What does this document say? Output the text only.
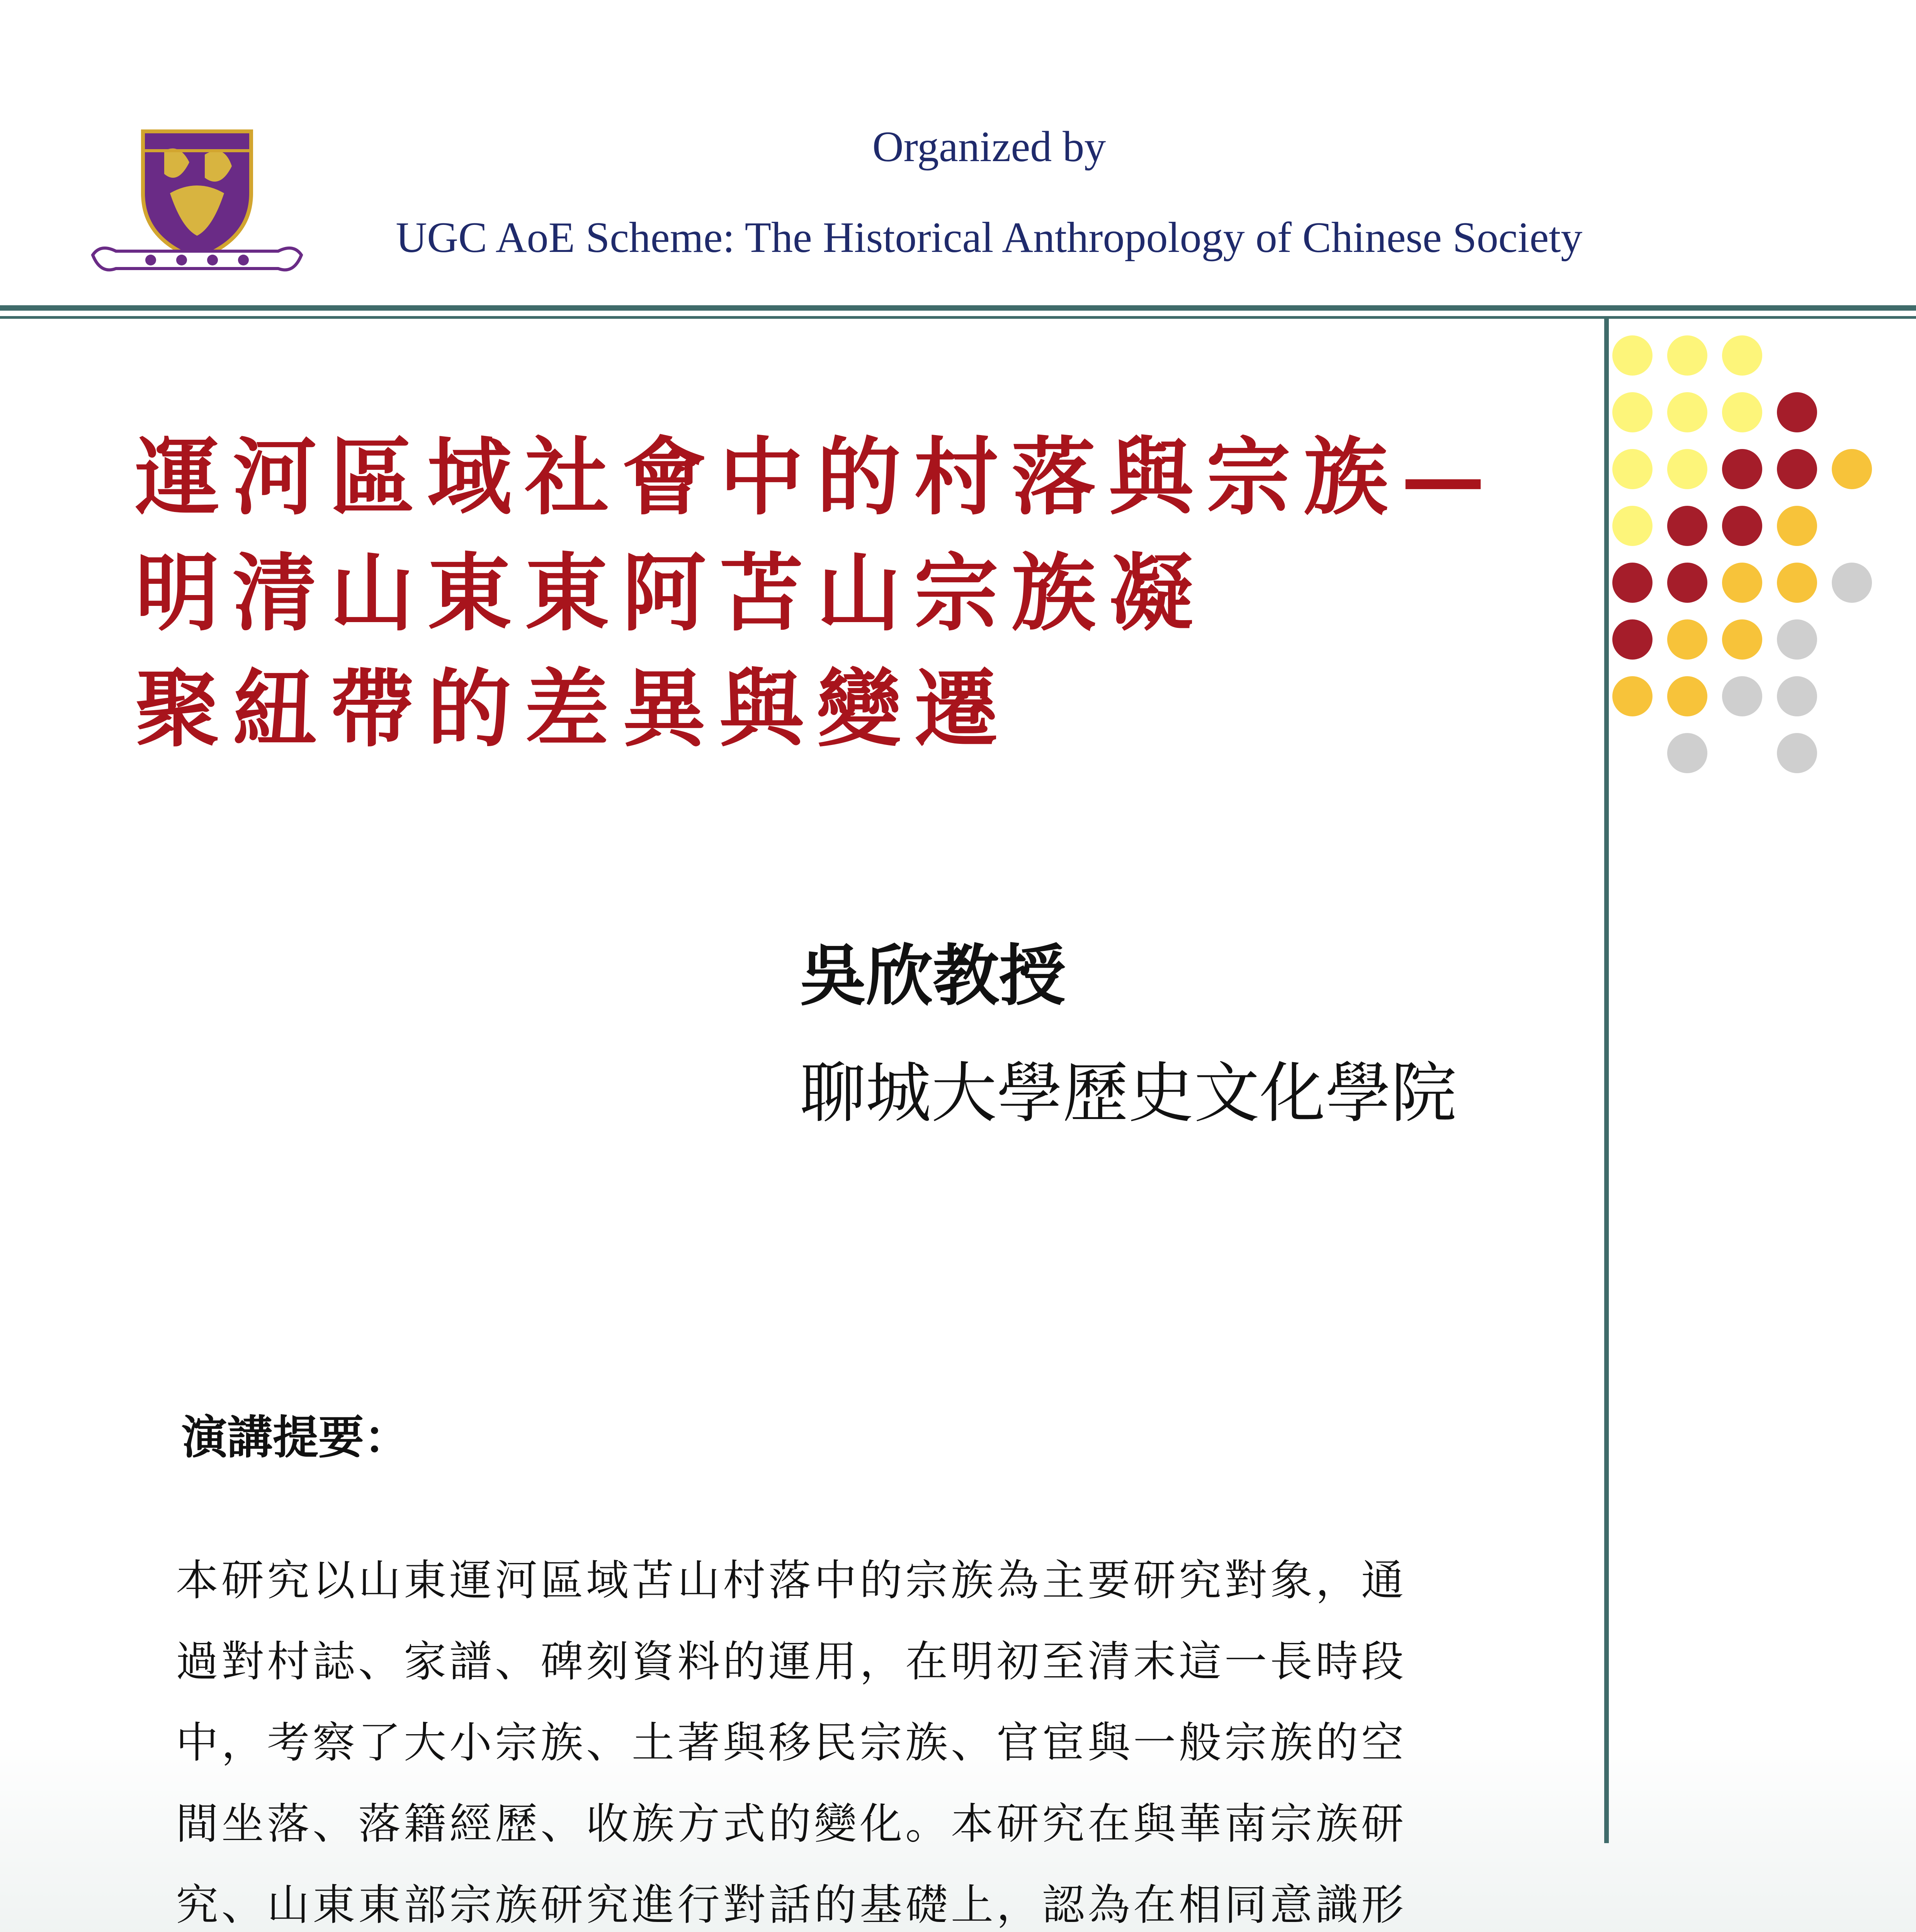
Organized by
UGC AoE Scheme: The Historical Anthropology of Chinese Society
運河區域社會中的村落與宗族—
明清山東東阿苫山宗族凝
聚紐帶的差異與變遷
吳欣教授
聊城大學歷史文化學院
演講提要：
本研究以山東運河區域苫山村落中的宗族為主要研究對象，通
過對村誌、家譜、碑刻資料的運用，在明初至清末這一長時段
中，考察了大小宗族、土著與移民宗族、官宦與一般宗族的空
間坐落、落籍經歷、收族方式的變化。本研究在與華南宗族研
究、山東東部宗族研究進行對話的基礎上，認為在相同意識形
